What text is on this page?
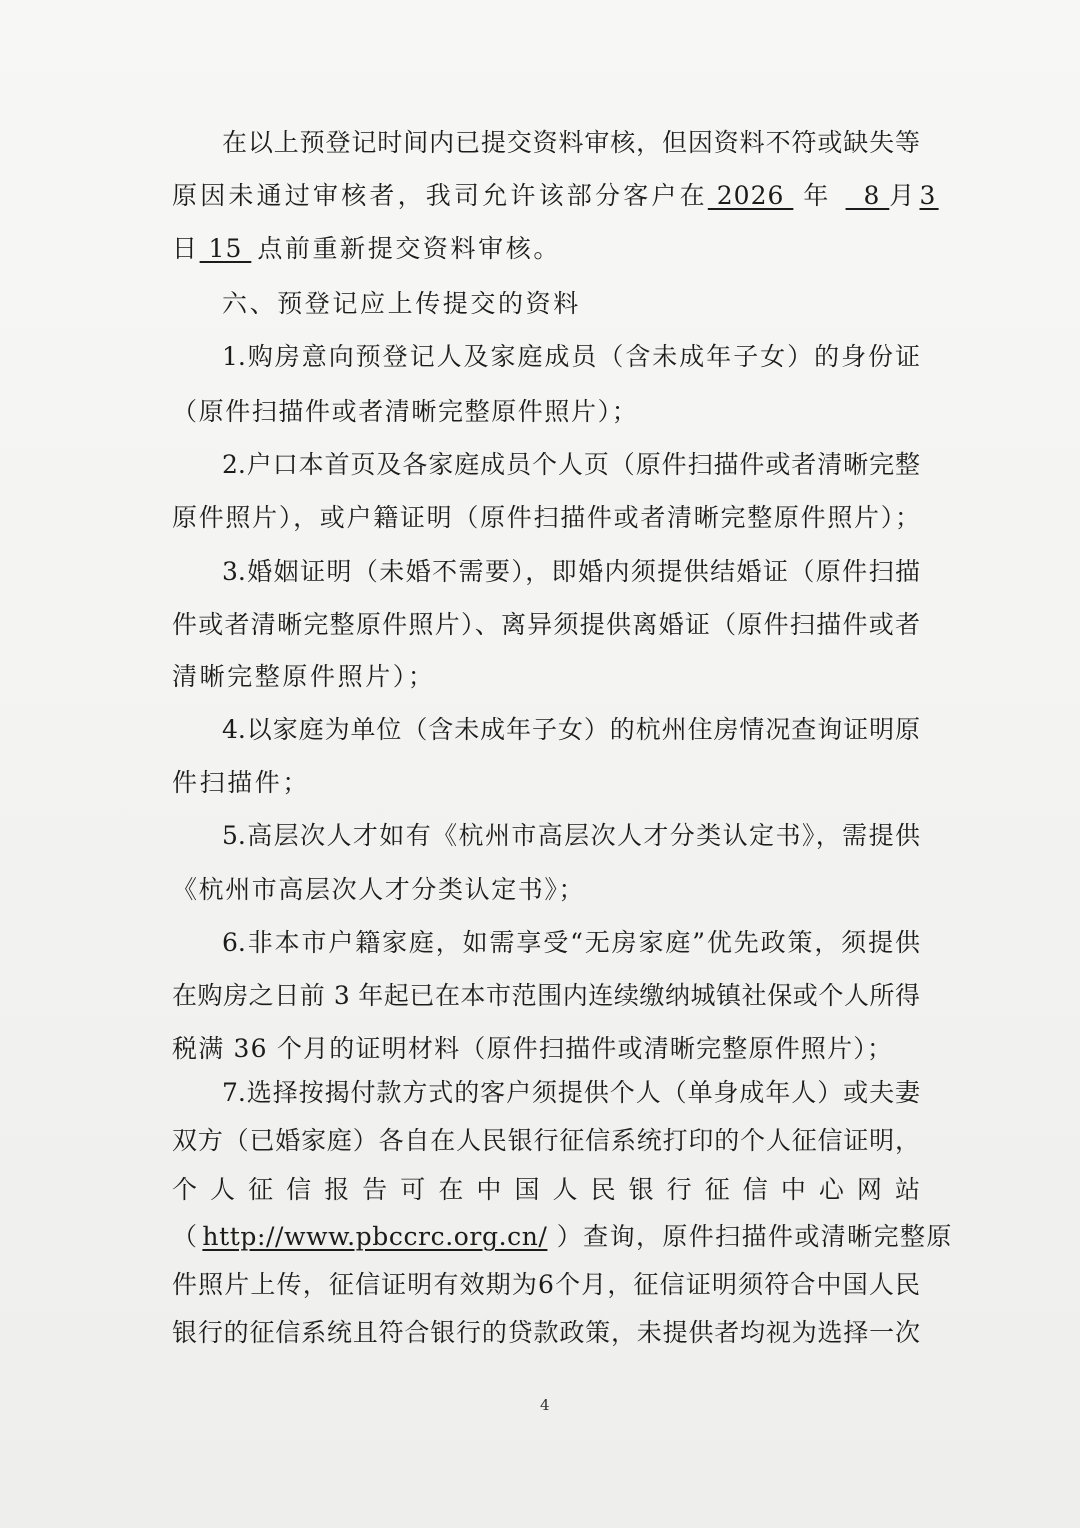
在以上预登记时间内已提交资料审核，但因资料不符或缺失等
原因未通过审核者，我司允许该部分客户在 2026 年  8 月3
日 15 点前重新提交资料审核。
六、预登记应上传提交的资料
1.购房意向预登记人及家庭成员（含未成年子女）的身份证
（原件扫描件或者清晰完整原件照片）；
2.户口本首页及各家庭成员个人页（原件扫描件或者清晰完整
原件照片），或户籍证明（原件扫描件或者清晰完整原件照片）；
3.婚姻证明（未婚不需要），即婚内须提供结婚证（原件扫描
件或者清晰完整原件照片）、离异须提供离婚证（原件扫描件或者
清晰完整原件照片）；
4.以家庭为单位（含未成年子女）的杭州住房情况查询证明原
件扫描件；
5.高层次人才如有《杭州市高层次人才分类认定书》，需提供
《杭州市高层次人才分类认定书》；
6.非本市户籍家庭，如需享受“无房家庭”优先政策，须提供
在购房之日前 3 年起已在本市范围内连续缴纳城镇社保或个人所得
税满 36 个月的证明材料（原件扫描件或清晰完整原件照片）；
7.选择按揭付款方式的客户须提供个人（单身成年人）或夫妻
双方（已婚家庭）各自在人民银行征信系统打印的个人征信证明，
个人征信报告可在中国人民银行征信中心网站
（ http://www.pbccrc.org.cn/ ）查询，原件扫描件或清晰完整原
件照片上传，征信证明有效期为6个月，征信证明须符合中国人民
银行的征信系统且符合银行的贷款政策，未提供者均视为选择一次
4
